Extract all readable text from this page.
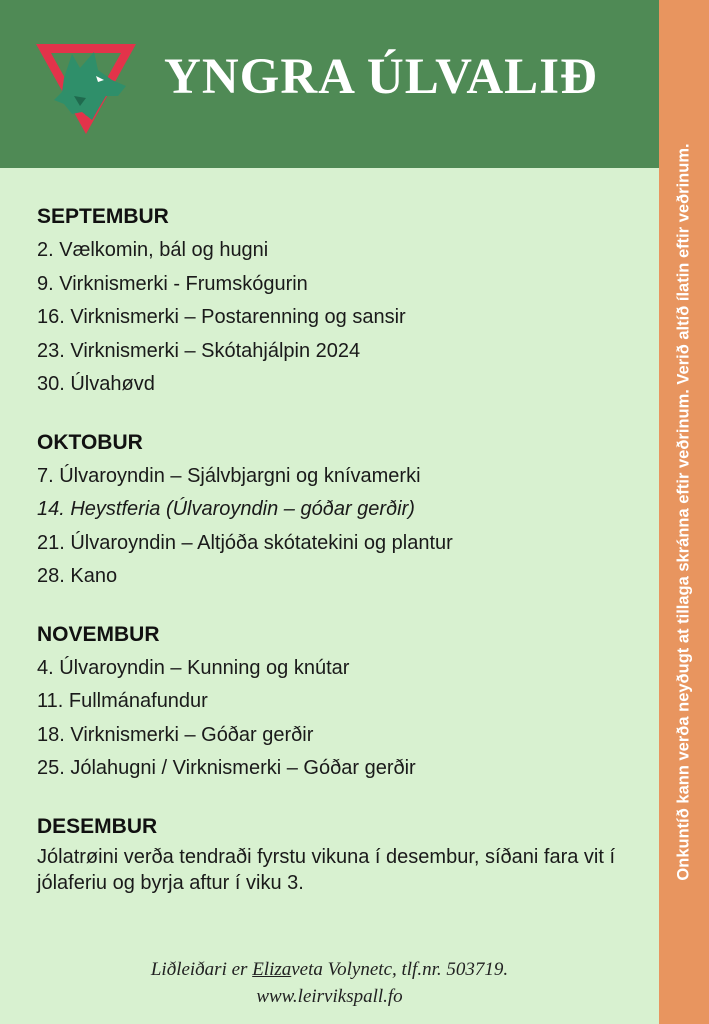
YNGRA ÚLVALIÐ
Onkuntíð kann verða neyðugt at tillaga skránna eftir veðrinum. Verið altíð ílatin eftir veðrinum.
SEPTEMBUR
2. Vælkomin, bál og hugni
9. Virknismerki - Frumskógurin
16. Virknismerki – Postarenning og sansir
23. Virknismerki – Skótahjálpin 2024
30. Úlvahøvd
OKTOBUR
7. Úlvaroyndin – Sjálvbjargni og knívamerki
14. Heystferia (Úlvaroyndin – góðar gerðir)
21. Úlvaroyndin – Altjóða skótatekini og plantur
28. Kano
NOVEMBUR
4. Úlvaroyndin – Kunning og knútar
11. Fullmánafundur
18. Virknismerki – Góðar gerðir
25. Jólahugni / Virknismerki – Góðar gerðir
DESEMBUR

Jólatrøini verða tendraði fyrstu vikuna í desembur, síðani fara vit í jólaferiu og byrja aftur í viku 3.

Liðleiðari er Elizaveta Volynetc, tlf.nr. 503719.
www.leirvikspall.fo
